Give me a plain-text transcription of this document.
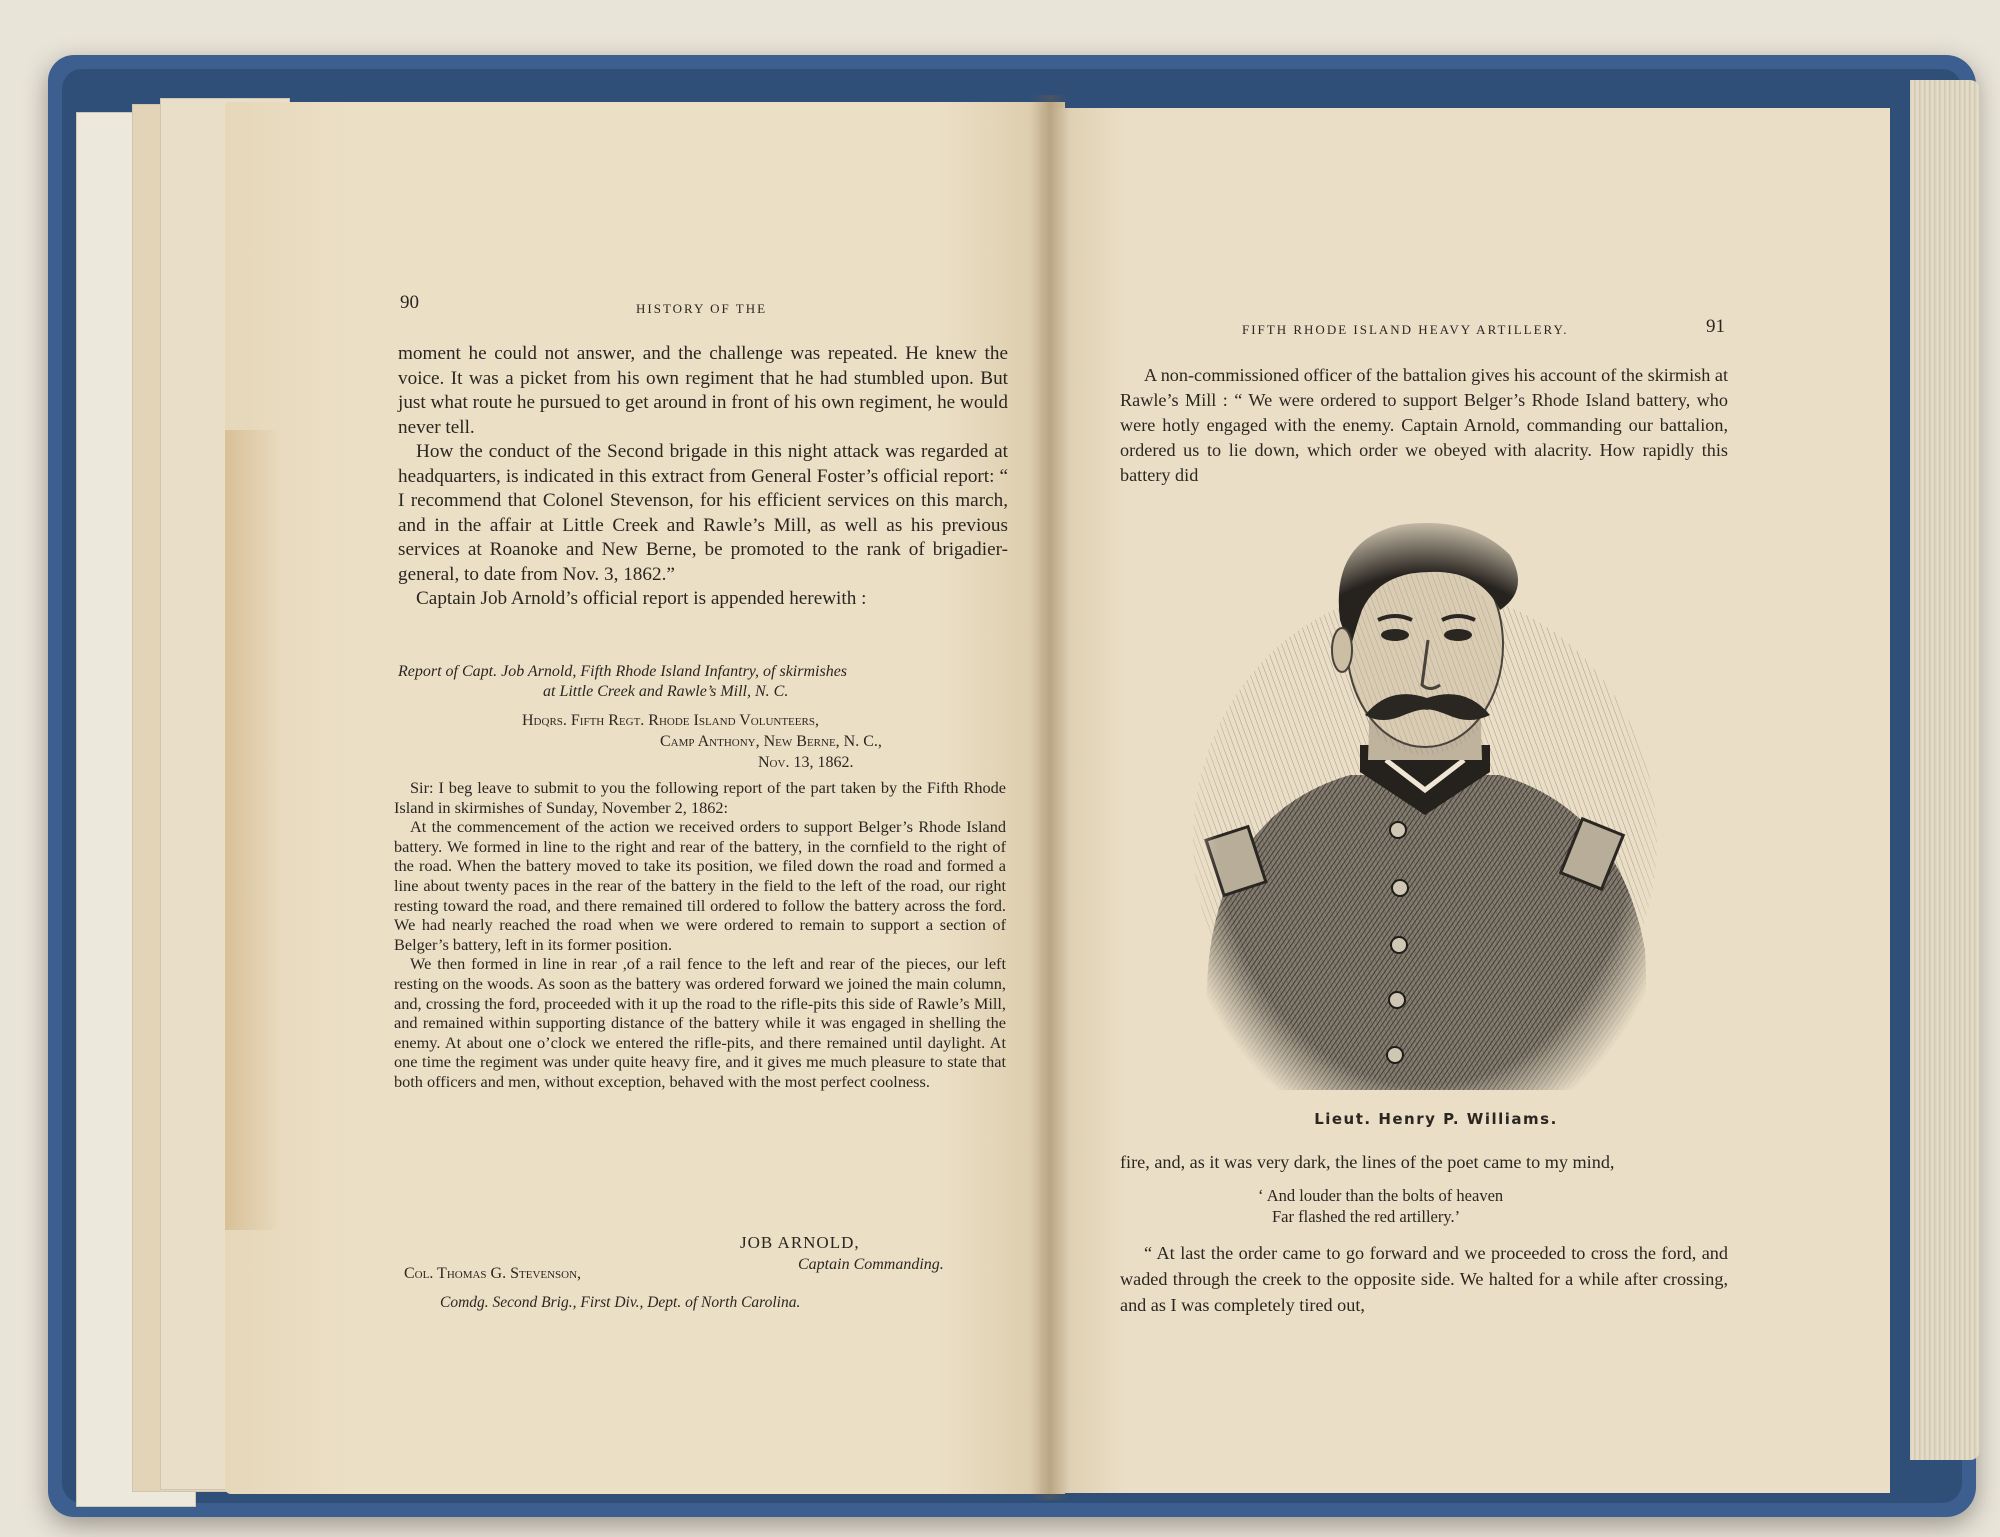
90	HISTORY OF THE

moment he could not answer, and the challenge was repeated. He knew the voice. It was a picket from his own regiment that he had stumbled upon. But just what route he pursued to get around in front of his own regiment, he would never tell.

How the conduct of the Second brigade in this night attack was regarded at headquarters, is indicated in this extract from General Foster’s official report: “ I recommend that Colonel Stevenson, for his efficient services on this march, and in the affair at Little Creek and Rawle’s Mill, as well as his previous services at Roanoke and New Berne, be promoted to the rank of brigadier-general, to date from Nov. 3, 1862.”

Captain Job Arnold’s official report is appended herewith :

Report of Capt. Job Arnold, Fifth Rhode Island Infantry, of skirmishes
at Little Creek and Rawle’s Mill, N. C.
Hdqrs. Fifth Regt. Rhode Island Volunteers,
Camp Anthony, New Berne, N. C.,
Nov. 13, 1862.

Sir: I beg leave to submit to you the following report of the part taken by the Fifth Rhode Island in skirmishes of Sunday, November 2, 1862:

At the commencement of the action we received orders to support Belger’s Rhode Island battery. We formed in line to the right and rear of the battery, in the cornfield to the right of the road. When the battery moved to take its position, we filed down the road and formed a line about twenty paces in the rear of the battery in the field to the left of the road, our right resting toward the road, and there remained till ordered to follow the battery across the ford. We had nearly reached the road when we were ordered to remain to support a section of Belger’s battery, left in its former position.

We then formed in line in rear ,of a rail fence to the left and rear of the pieces, our left resting on the woods. As soon as the battery was ordered forward we joined the main column, and, crossing the ford, proceeded with it up the road to the rifle-pits this side of Rawle’s Mill, and remained within supporting distance of the battery while it was engaged in shelling the enemy. At about one o’clock we entered the rifle-pits, and there remained until daylight. At one time the regiment was under quite heavy fire, and it gives me much pleasure to state that both officers and men, without exception, behaved with the most perfect coolness.

JOB ARNOLD,
Captain Commanding.
Col. Thomas G. Stevenson,
Comdg. Second Brig., First Div., Dept. of North Carolina.
FIFTH RHODE ISLAND HEAVY ARTILLERY.	91

A non-commissioned officer of the battalion gives his account of the skirmish at Rawle’s Mill : “ We were ordered to support Belger’s Rhode Island battery, who were hotly engaged with the enemy. Captain Arnold, commanding our battalion, ordered us to lie down, which order we obeyed with alacrity. How rapidly this battery did

Lieut. Henry P. Williams.
fire, and, as it was very dark, the lines of the poet came to my mind,
‘ And louder than the bolts of heaven
Far flashed the red artillery.’

“ At last the order came to go forward and we proceeded to cross the ford, and waded through the creek to the opposite side. We halted for a while after crossing, and as I was completely tired out,
